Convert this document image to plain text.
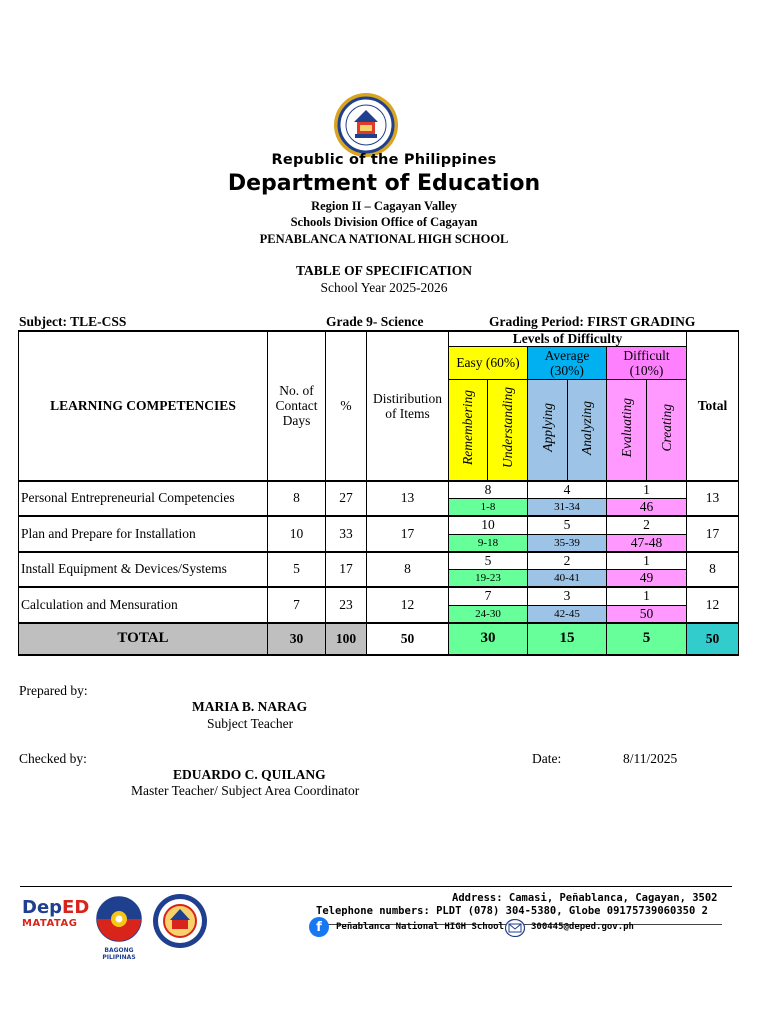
Republic of the Philippines
Department of Education
Region II – Cagayan Valley
Schools Division Office of Cagayan
PENABLANCA NATIONAL HIGH SCHOOL
TABLE OF SPECIFICATION
School Year 2025-2026
Subject: TLE-CSS	Grade 9- Science	Grading Period: FIRST GRADING
LEARNING COMPETENCIES	No. of Contact Days	%	Distiribution of Items	Levels of Difficulty						Total
				Easy (60%)		Average (30%)		Difficult (10%)		
				Remembering	Understanding	Applying	Analyzing	Evaluating	Creating	
Personal Entrepreneurial Competencies	8	27	13	8		4		1		13
				1-8		31-34		46		
Plan and Prepare for Installation	10	33	17	10		5		2		17
				9-18		35-39		47-48		
Install Equipment & Devices/Systems	5	17	8	5		2		1		8
				19-23		40-41		49		
Calculation and Mensuration	7	23	12	7		3		1		12
				24-30		42-45		50		
TOTAL	30	100	50	30		15		5		50
Prepared by:
MARIA B. NARAG
Subject Teacher
Checked by:
EDUARDO C. QUILANG
Master Teacher/ Subject Area Coordinator
Date:	8/11/2025
DepED
MATATAG
BAGONG PILIPINAS
Address: Camasi, Peñablanca, Cagayan, 3502
Telephone numbers: PLDT (078) 304-5380, Globe 09175739060350 2
f	Peñablanca National HIGH School	300445@deped.gov.ph
